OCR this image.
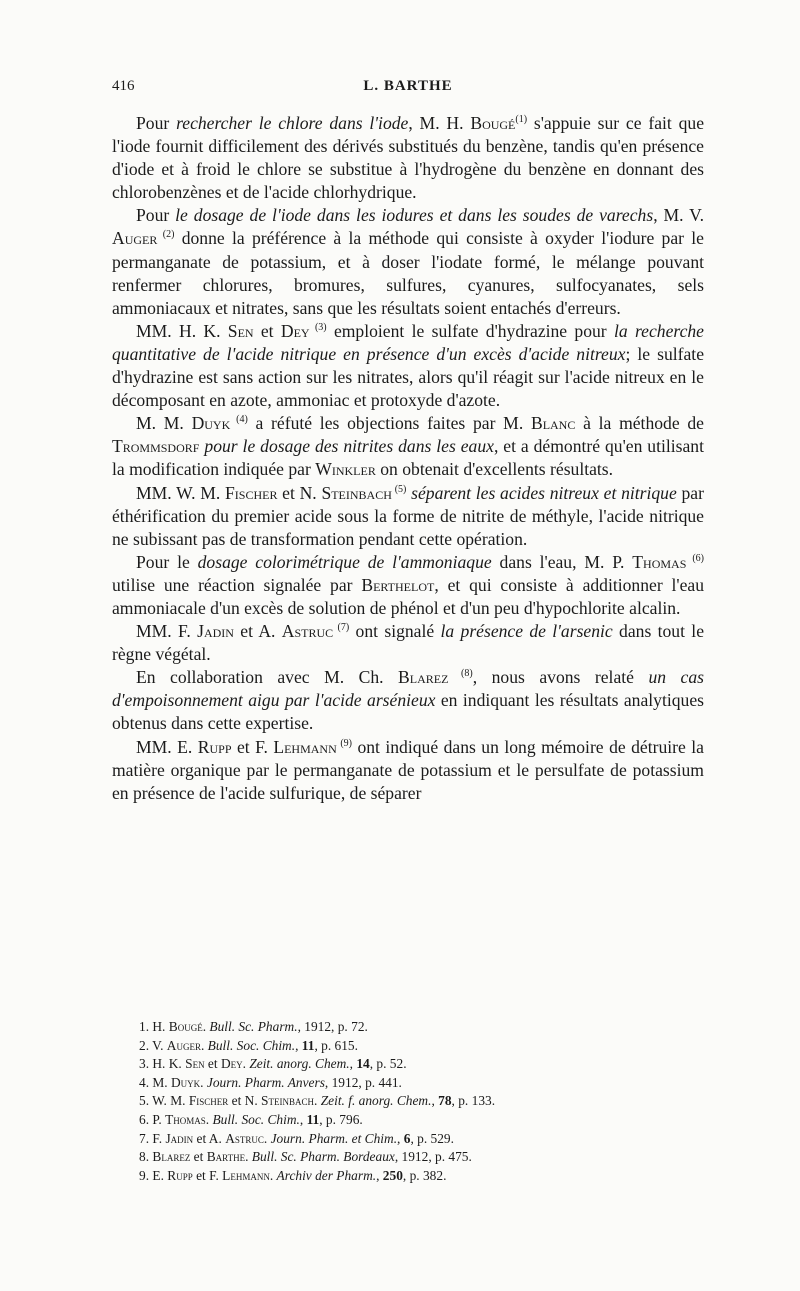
416	L. BARTHE

Pour rechercher le chlore dans l'iode, M. H. Bougé$^{(1)}$ s'appuie sur ce fait que l'iode fournit difficilement des dérivés substitués du benzène, tandis qu'en présence d'iode et à froid le chlore se substitue à l'hydrogène du benzène en donnant des chlorobenzènes et de l'acide chlorhydrique.

Pour le dosage de l'iode dans les iodures et dans les soudes de varechs, M. V. Auger $^{(2)}$ donne la préférence à la méthode qui consiste à oxyder l'iodure par le permanganate de potassium, et à doser l'iodate formé, le mélange pouvant renfermer chlorures, bromures, sulfures, cyanures, sulfocyanates, sels ammoniacaux et nitrates, sans que les résultats soient entachés d'erreurs.

MM. H. K. Sen et Dey $^{(3)}$ emploient le sulfate d'hydrazine pour la recherche quantitative de l'acide nitrique en présence d'un excès d'acide nitreux; le sulfate d'hydrazine est sans action sur les nitrates, alors qu'il réagit sur l'acide nitreux en le décomposant en azote, ammoniac et protoxyde d'azote.

M. M. Duyk $^{(4)}$ a réfuté les objections faites par M. Blanc à la méthode de Trommsdorf pour le dosage des nitrites dans les eaux, et a démontré qu'en utilisant la modification indiquée par Winkler on obtenait d'excellents résultats.

MM. W. M. Fischer et N. Steinbach $^{(5)}$ séparent les acides nitreux et nitrique par éthérification du premier acide sous la forme de nitrite de méthyle, l'acide nitrique ne subissant pas de transformation pendant cette opération.

Pour le dosage colorimétrique de l'ammoniaque dans l'eau, M. P. Thomas $^{(6)}$ utilise une réaction signalée par Berthelot, et qui consiste à additionner l'eau ammoniacale d'un excès de solution de phénol et d'un peu d'hypochlorite alcalin.

MM. F. Jadin et A. Astruc $^{(7)}$ ont signalé la présence de l'arsenic dans tout le règne végétal.

En collaboration avec M. Ch. Blarez $^{(8)}$, nous avons relaté un cas d'empoisonnement aigu par l'acide arsénieux en indiquant les résultats analytiques obtenus dans cette expertise.

MM. E. Rupp et F. Lehmann $^{(9)}$ ont indiqué dans un long mémoire de détruire la matière organique par le permanganate de potassium et le persulfate de potassium en présence de l'acide sulfurique, de séparer

1. H. Bougé. Bull. Sc. Pharm., 1912, p. 72.
2. V. Auger. Bull. Soc. Chim., 11, p. 615.
3. H. K. Sen et Dey. Zeit. anorg. Chem., 14, p. 52.
4. M. Duyk. Journ. Pharm. Anvers, 1912, p. 441.
5. W. M. Fischer et N. Steinbach. Zeit. f. anorg. Chem., 78, p. 133.
6. P. Thomas. Bull. Soc. Chim., 11, p. 796.
7. F. Jadin et A. Astruc. Journ. Pharm. et Chim., 6, p. 529.
8. Blarez et Barthe. Bull. Sc. Pharm. Bordeaux, 1912, p. 475.
9. E. Rupp et F. Lehmann. Archiv der Pharm., 250, p. 382.
